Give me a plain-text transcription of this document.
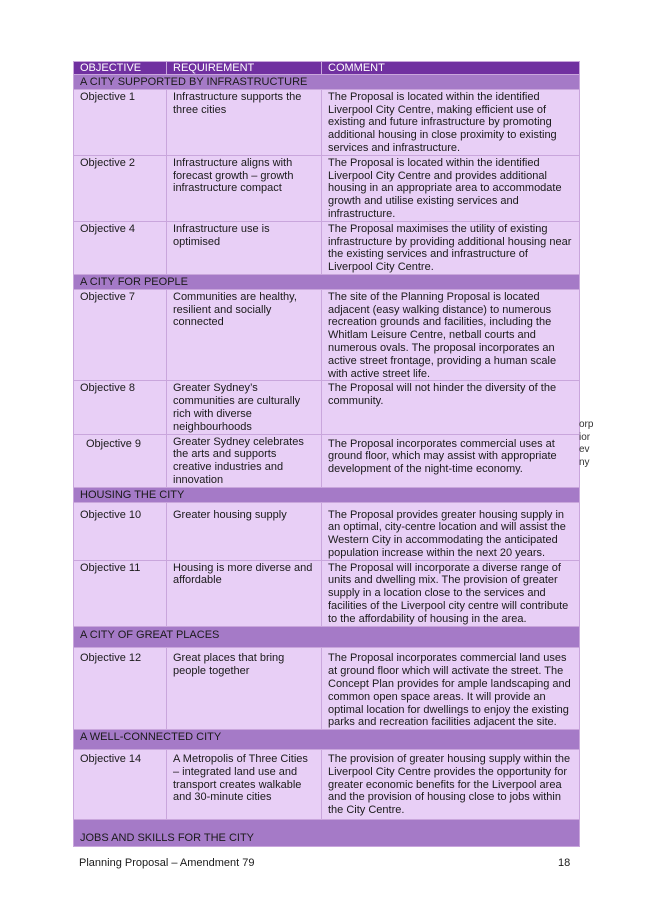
OBJECTIVE	REQUIREMENT	COMMENT
A CITY SUPPORTED BY INFRASTRUCTURE		
Objective 1	Infrastructure supports the three cities	The Proposal is located within the identified Liverpool City Centre, making efficient use of existing and future infrastructure by promoting additional housing in close proximity to existing services and infrastructure.
Objective 2	Infrastructure aligns with forecast growth – growth infrastructure compact	The Proposal is located within the identified Liverpool City Centre and provides additional housing in an appropriate area to accommodate growth and utilise existing services and infrastructure.
Objective 4	Infrastructure use is optimised	The Proposal maximises the utility of existing infrastructure by providing additional housing near the existing services and infrastructure of Liverpool City Centre.
A CITY FOR PEOPLE		
Objective 7	Communities are healthy, resilient and socially connected	The site of the Planning Proposal is located adjacent (easy walking distance) to numerous recreation grounds and facilities, including the Whitlam Leisure Centre, netball courts and numerous ovals. The proposal incorporates an active street frontage, providing a human scale with active street life.
Objective 8	Greater Sydney’s communities are culturally rich with diverse neighbourhoods	The Proposal will not hinder the diversity of the community.
Objective 9	Greater Sydney celebrates the arts and supports creative industries and innovation	The Proposal incorporates commercial uses at ground floor, which may assist with appropriate development of the night-time economy.
HOUSING THE CITY		
Objective 10	Greater housing supply	The Proposal provides greater housing supply in an optimal, city-centre location and will assist the Western City in accommodating the anticipated population increase within the next 20 years.
Objective 11	Housing is more diverse and affordable	The Proposal will incorporate a diverse range of units and dwelling mix. The provision of greater supply in a location close to the services and facilities of the Liverpool city centre will contribute to the affordability of housing in the area.
A CITY OF GREAT PLACES		
Objective 12	Great places that bring people together	The Proposal incorporates commercial land uses at ground floor which will activate the street. The Concept Plan provides for ample landscaping and common open space areas. It will provide an optimal location for dwellings to enjoy the existing parks and recreation facilities adjacent the site.
A WELL-CONNECTED CITY		
Objective 14	A Metropolis of Three Cities – integrated land use and transport creates walkable and 30-minute cities	The provision of greater housing supply within the Liverpool City Centre provides the opportunity for greater economic benefits for the Liverpool area and the provision of housing close to jobs within the City Centre.
JOBS AND SKILLS FOR THE CITY		
orp
ior
ev
ny
Planning Proposal – Amendment 79	18
